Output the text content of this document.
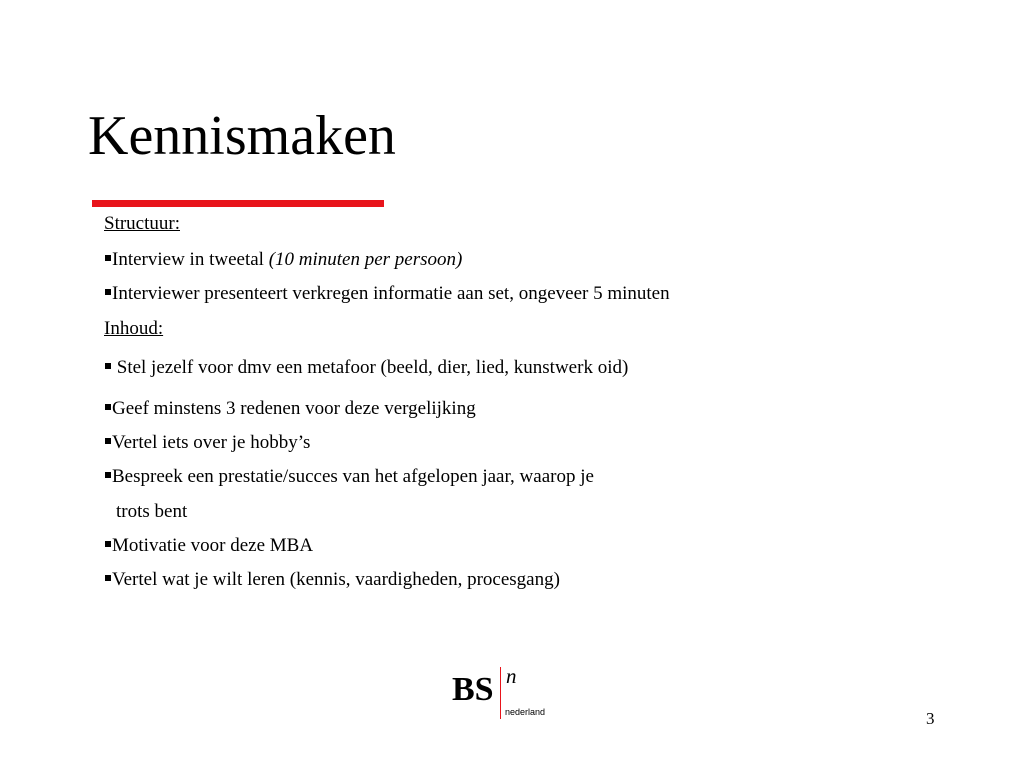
Kennismaken
Structuur:
Interview in tweetal (10 minuten per persoon)
Interviewer presenteert verkregen informatie aan set, ongeveer 5 minuten
Inhoud:
Stel jezelf voor dmv een metafoor (beeld, dier, lied, kunstwerk oid)
Geef minstens 3 redenen voor deze vergelijking
Vertel iets over je hobby’s
Bespreek een prestatie/succes van het afgelopen jaar, waarop je
trots bent
Motivatie voor deze MBA
Vertel wat je wilt leren (kennis, vaardigheden, procesgang)
BS n
nederland	3
